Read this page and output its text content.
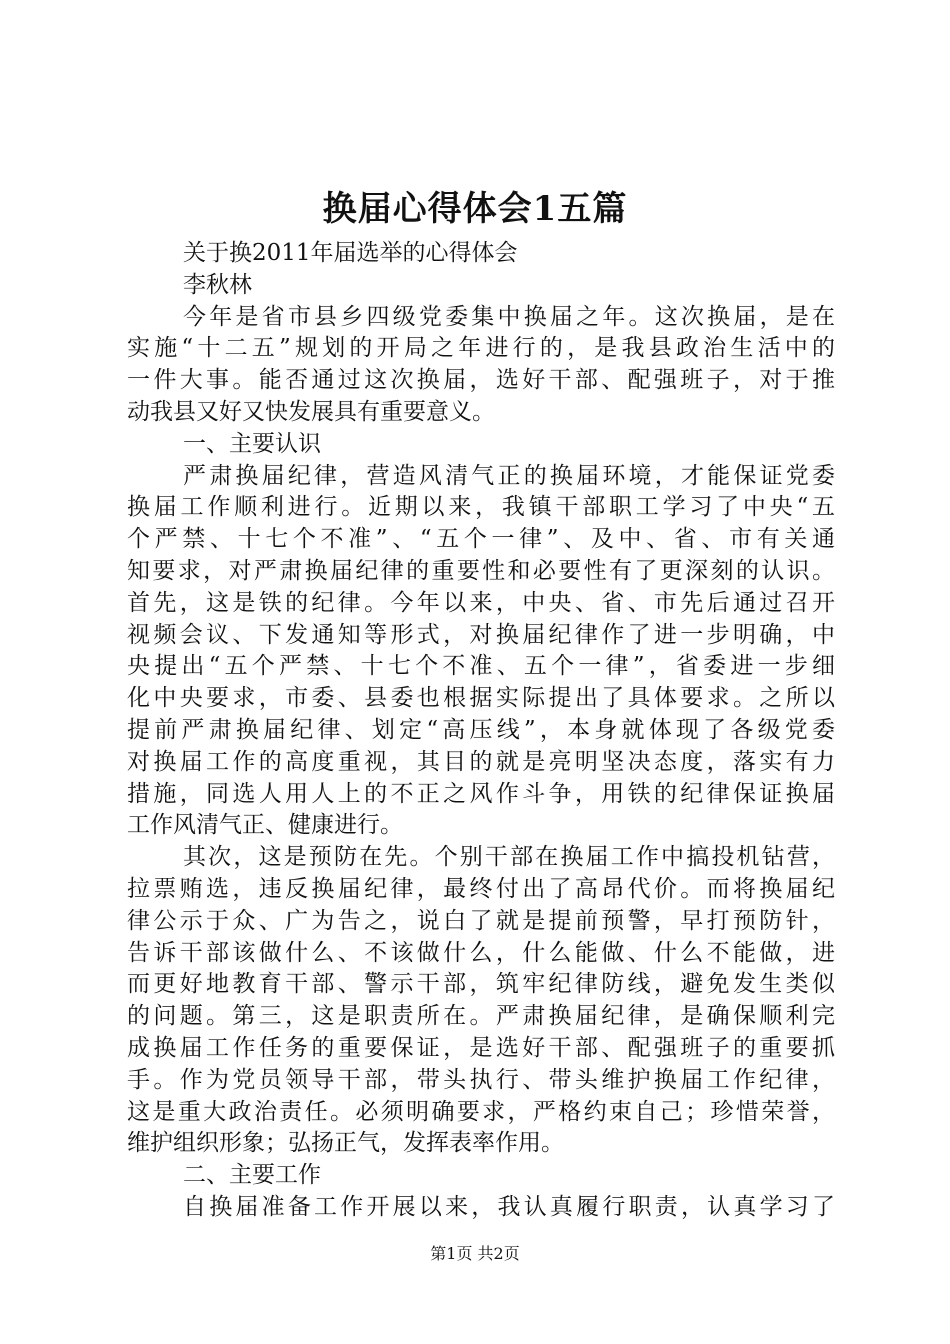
换届心得体会1五篇
关于换2011年届选举的心得体会
李秋林
今年是省市县乡四级党委集中换届之年。这次换届，是在
实施“十二五”规划的开局之年进行的，是我县政治生活中的
一件大事。能否通过这次换届，选好干部、配强班子，对于推
动我县又好又快发展具有重要意义。
一、主要认识
严肃换届纪律，营造风清气正的换届环境，才能保证党委
换届工作顺利进行。近期以来，我镇干部职工学习了中央“五
个严禁、十七个不准”、“五个一律”、及中、省、市有关通
知要求，对严肃换届纪律的重要性和必要性有了更深刻的认识。
首先，这是铁的纪律。今年以来，中央、省、市先后通过召开
视频会议、下发通知等形式，对换届纪律作了进一步明确，中
央提出“五个严禁、十七个不准、五个一律”，省委进一步细
化中央要求，市委、县委也根据实际提出了具体要求。之所以
提前严肃换届纪律、划定“高压线”，本身就体现了各级党委
对换届工作的高度重视，其目的就是亮明坚决态度，落实有力
措施，同选人用人上的不正之风作斗争，用铁的纪律保证换届
工作风清气正、健康进行。
其次，这是预防在先。个别干部在换届工作中搞投机钻营，
拉票贿选，违反换届纪律，最终付出了高昂代价。而将换届纪
律公示于众、广为告之，说白了就是提前预警，早打预防针，
告诉干部该做什么、不该做什么，什么能做、什么不能做，进
而更好地教育干部、警示干部，筑牢纪律防线，避免发生类似
的问题。第三，这是职责所在。严肃换届纪律，是确保顺利完
成换届工作任务的重要保证，是选好干部、配强班子的重要抓
手。作为党员领导干部，带头执行、带头维护换届工作纪律，
这是重大政治责任。必须明确要求，严格约束自己；珍惜荣誉，
维护组织形象；弘扬正气，发挥表率作用。
二、主要工作
自换届准备工作开展以来，我认真履行职责，认真学习了
第1页 共2页
